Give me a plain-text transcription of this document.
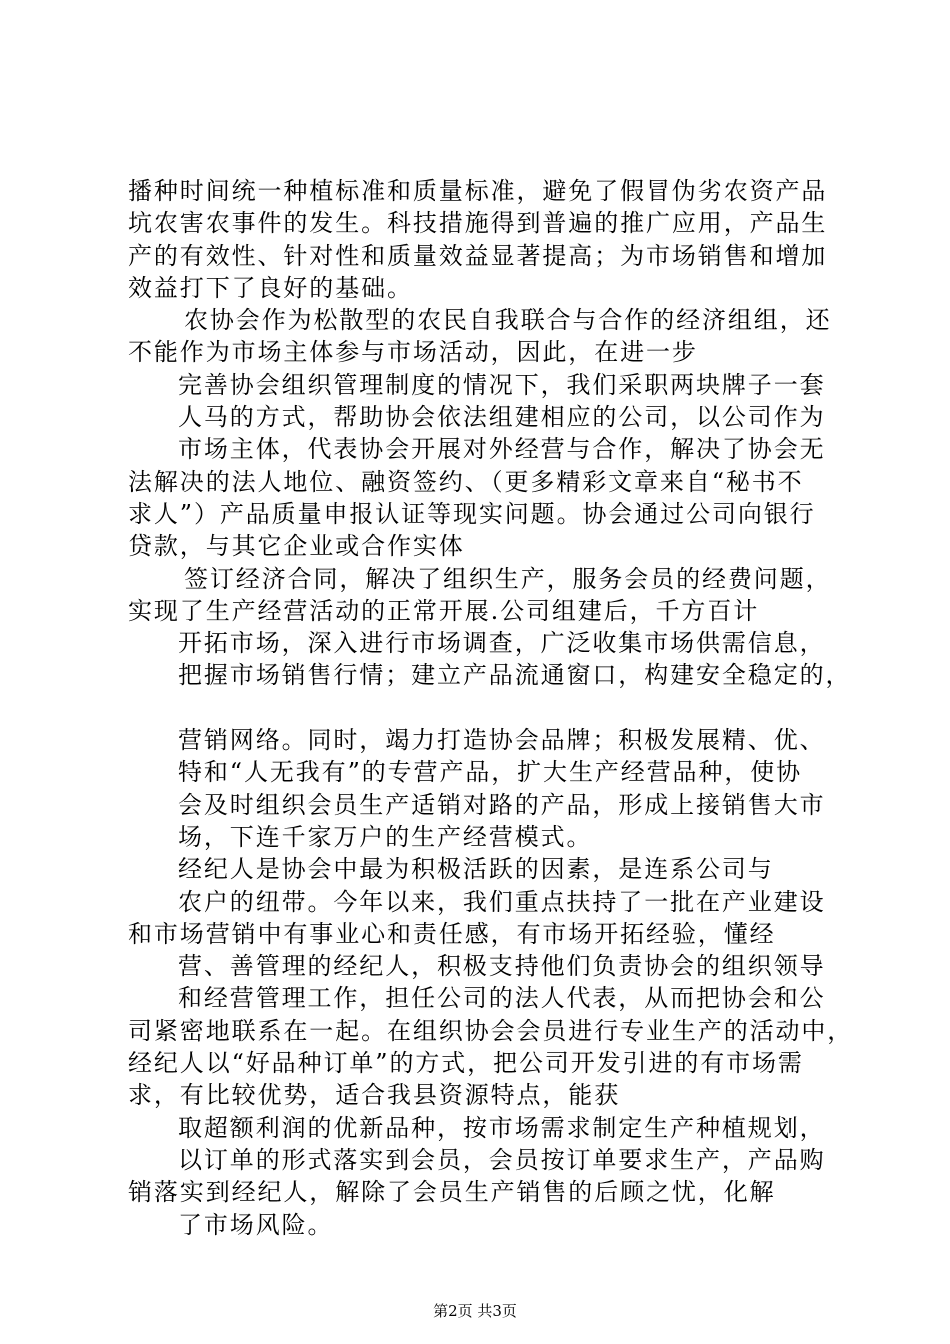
播种时间统一种植标准和质量标准，避免了假冒伪劣农资产品
坑农害农事件的发生。科技措施得到普遍的推广应用，产品生
产的有效性、针对性和质量效益显著提高；为市场销售和增加
效益打下了良好的基础。
农协会作为松散型的农民自我联合与合作的经济组组，还
不能作为市场主体参与市场活动，因此，在进一步
完善协会组织管理制度的情况下，我们采职两块牌子一套
人马的方式，帮助协会依法组建相应的公司，以公司作为
市场主体，代表协会开展对外经营与合作，解决了协会无
法解决的法人地位、融资签约、（更多精彩文章来自“秘书不
求人”）产品质量申报认证等现实问题。协会通过公司向银行
贷款，与其它企业或合作实体
签订经济合同，解决了组织生产，服务会员的经费问题，
实现了生产经营活动的正常开展.公司组建后，千方百计
开拓市场，深入进行市场调查，广泛收集市场供需信息，
把握市场销售行情；建立产品流通窗口，构建安全稳定的，
营销网络。同时，竭力打造协会品牌；积极发展精、优、
特和“人无我有”的专营产品，扩大生产经营品种，使协
会及时组织会员生产适销对路的产品，形成上接销售大市
场，下连千家万户的生产经营模式。
经纪人是协会中最为积极活跃的因素，是连系公司与
农户的纽带。今年以来，我们重点扶持了一批在产业建设
和市场营销中有事业心和责任感，有市场开拓经验，懂经
营、善管理的经纪人，积极支持他们负责协会的组织领导
和经营管理工作，担任公司的法人代表，从而把协会和公
司紧密地联系在一起。在组织协会会员进行专业生产的活动中，
经纪人以“好品种订单”的方式，把公司开发引进的有市场需
求，有比较优势，适合我县资源特点，能获
取超额利润的优新品种，按市场需求制定生产种植规划，
以订单的形式落实到会员，会员按订单要求生产，产品购
销落实到经纪人，解除了会员生产销售的后顾之忧，化解
了市场风险。
第2页 共3页
